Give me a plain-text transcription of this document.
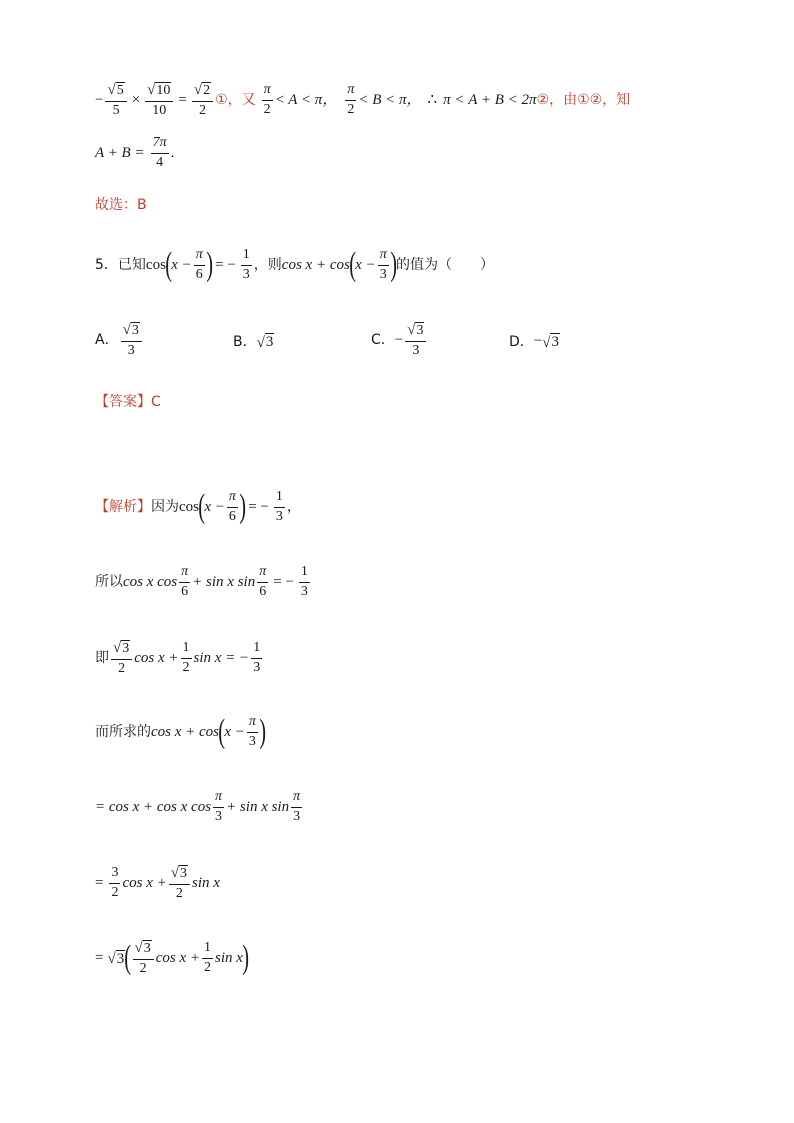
− $\frac{√ 5}{5} \times \frac{√ 10}{10} = \frac{√ 2}{2}$ ①， 又 $\frac{\pi}{2} < A < \pi$， $\frac{\pi}{2} < B < \pi$， ∴ π < A + B < 2π ②， 由①②，知
$A + B = \frac{7\pi}{4}$ .
故选：B
5．已知 cos ( $x - \frac{\pi}{6}$ ) = − $\frac{1}{3}$ ，则 cos x + cos ( $x - \frac{\pi}{3}$ ) 的值为（　　）
A． $\frac{√ 3}{3}$	B． √ 3	C． − $\frac{√ 3}{3}$	D． − √ 3
【答案】 C
【解析】 因为 cos ( $x - \frac{\pi}{6}$ ) = − $\frac{1}{3}$ ，
所以 cos x $\cos \frac{\pi}{6} + \sin x$ $\sin \frac{\pi}{6}$ = − $\frac{1}{3}$
即 $\frac{√ 3}{2}$ $\cos x + \frac{1}{2}$ sin x = − $\frac{1}{3}$
而所求的 cos x + cos ( $x - \frac{\pi}{3}$ )
= cos x + cos x $\cos \frac{\pi}{3} + \sin x$ $\sin \frac{\pi}{3}$
= $\frac{3}{2}$ $\cos x + \frac{√ 3}{2}$ sin x
= √ 3 ( $\frac{√ 3}{2}$ $\cos x + \frac{1}{2}$ sin x )
